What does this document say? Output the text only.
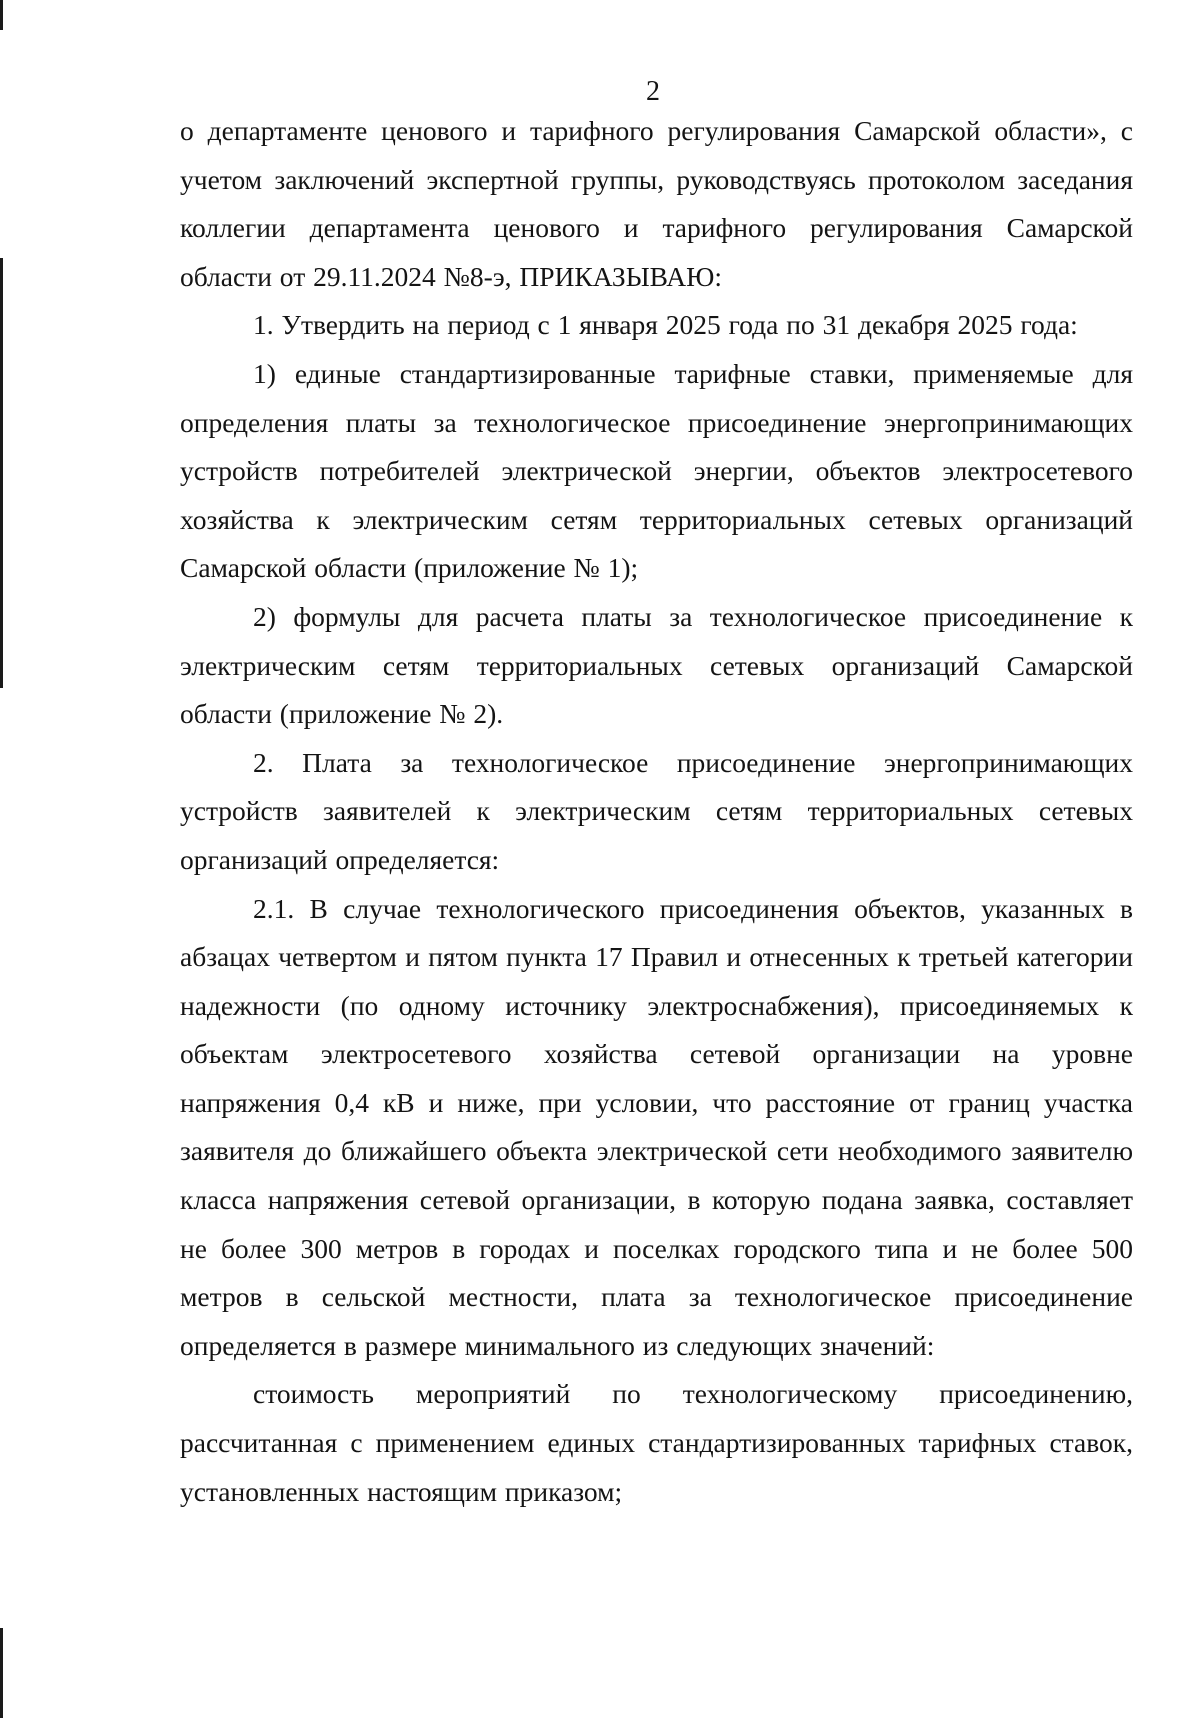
2

о департаменте ценового и тарифного регулирования Самарской области», с учетом заключений экспертной группы, руководствуясь протоколом заседания коллегии департамента ценового и тарифного регулирования Самарской области от 29.11.2024 №8-э, ПРИКАЗЫВАЮ:

1. Утвердить на период с 1 января 2025 года по 31 декабря 2025 года:

1) единые стандартизированные тарифные ставки, применяемые для определения платы за технологическое присоединение энергопринимающих устройств потребителей электрической энергии, объектов электросетевого хозяйства к электрическим сетям территориальных сетевых организаций Самарской области (приложение № 1);

2) формулы для расчета платы за технологическое присоединение к электрическим сетям территориальных сетевых организаций Самарской области (приложение № 2).

2. Плата за технологическое присоединение энергопринимающих устройств заявителей к электрическим сетям территориальных сетевых организаций определяется:

2.1. В случае технологического присоединения объектов, указанных в абзацах четвертом и пятом пункта 17 Правил и отнесенных к третьей категории надежности (по одному источнику электроснабжения), присоединяемых к объектам электросетевого хозяйства сетевой организации на уровне напряжения 0,4 кВ и ниже, при условии, что расстояние от границ участка заявителя до ближайшего объекта электрической сети необходимого заявителю класса напряжения сетевой организации, в которую подана заявка, составляет не более 300 метров в городах и поселках городского типа и не более 500 метров в сельской местности, плата за технологическое присоединение определяется в размере минимального из следующих значений:

стоимость мероприятий по технологическому присоединению, рассчитанная с применением единых стандартизированных тарифных ставок, установленных настоящим приказом;
